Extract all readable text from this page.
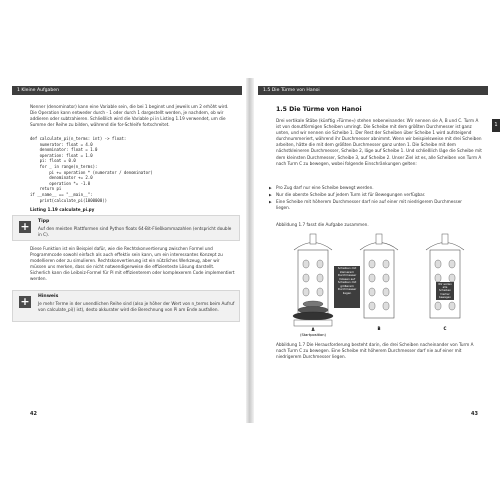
1
1 Kleine Aufgaben
Nenner (denominator) kann eine Variable sein, die bei 1 beginnt und jeweils um 2 erhöht wird. Die Operation kann entweder durch - 1 oder durch 1 dargestellt werden, je nachdem, ob wir addieren oder subtrahieren. Schließlich wird die Variable pi in Listing 1.19 verwendet, um die Summe der Reihe zu bilden, während die for-Schleife fortschreitet.
def calculate_pi(n_terms: int) -> float:
numerator: float = 4.0
denominator: float = 1.0
operation: float = 1.0
pi: float = 0.0
for _ in range(n_terms):
pi += operation * (numerator / denominator)
denominator += 2.0
operation *= -1.0
return pi
if __name__ == "__main__":
print(calculate_pi(1000000))
Listing 1.19 calculate_pi.py
+	Tipp
Auf den meisten Plattformen sind Python floats 64-Bit-Fließkommazahlen (entspricht double in C).
Diese Funktion ist ein Beispiel dafür, wie die Rechtskonvertierung zwischen Formel und Programmcode sowohl einfach als auch effektiv sein kann, um ein interessantes Konzept zu modellieren oder zu simulieren. Rechtskonvertierung ist ein nützliches Werkzeug, aber wir müssen uns merken, dass sie nicht notwendigerweise die effizienteste Lösung darstellt. Sicherlich kann die Leibniz-Formel für Pi mit effizienterem oder komplexerem Code implementiert werden.
+	Hinweis
Je mehr Terme in der unendlichen Reihe sind (also je höher der Wert von n_terms beim Aufruf von calculate_pi() ist), desto akkurater wird die Berechnung von Pi am Ende ausfallen.
42
1.5 Die Türme von Hanoi
1.5 Die Türme von Hanoi
Drei vertikale Stäbe (künftig »Türme«) stehen nebeneinander. Wir nennen sie A, B und C. Turm A ist von donutförmigen Scheiben umringt. Die Scheibe mit dem größten Durchmesser ist ganz unten, und wir nennen sie Scheibe 1. Der Rest der Scheiben über Scheibe 1 wird aufsteigend durchnummeriert, während ihr Durchmesser abnimmt. Wenn wir beispielsweise mit drei Scheiben arbeiten, hätte die mit dem größten Durchmesser ganz unten 1. Die Scheibe mit dem nächstkleineren Durchmesser, Scheibe 2, läge auf Scheibe 1. Und schließlich läge die Scheibe mit dem kleinsten Durchmesser, Scheibe 3, auf Scheibe 2. Unser Ziel ist es, alle Scheiben von Turm A nach Turm C zu bewegen, wobei folgende Einschränkungen gelten:
▶ Pro Zug darf nur eine Scheibe bewegt werden.
▶ Nur die oberste Scheibe auf jedem Turm ist für Bewegungen verfügbar.
▶ Eine Scheibe mit höherem Durchmesser darf nie auf einer mit niedrigerem Durchmesser liegen.
Abbildung 1.7 fasst die Aufgabe zusammen.
A
(Startposition)
B	C
Scheiben mit kleinerem Durchmesser müssen auf Scheiben mit größerem Durchmesser liegen
Wir wollen alle Scheiben hierher bewegen
Abbildung 1.7 Die Herausforderung besteht darin, die drei Scheiben nacheinander von Turm A nach Turm C zu bewegen. Eine Scheibe mit höherem Durchmesser darf nie auf einer mit niedrigerem Durchmesser liegen.
43
